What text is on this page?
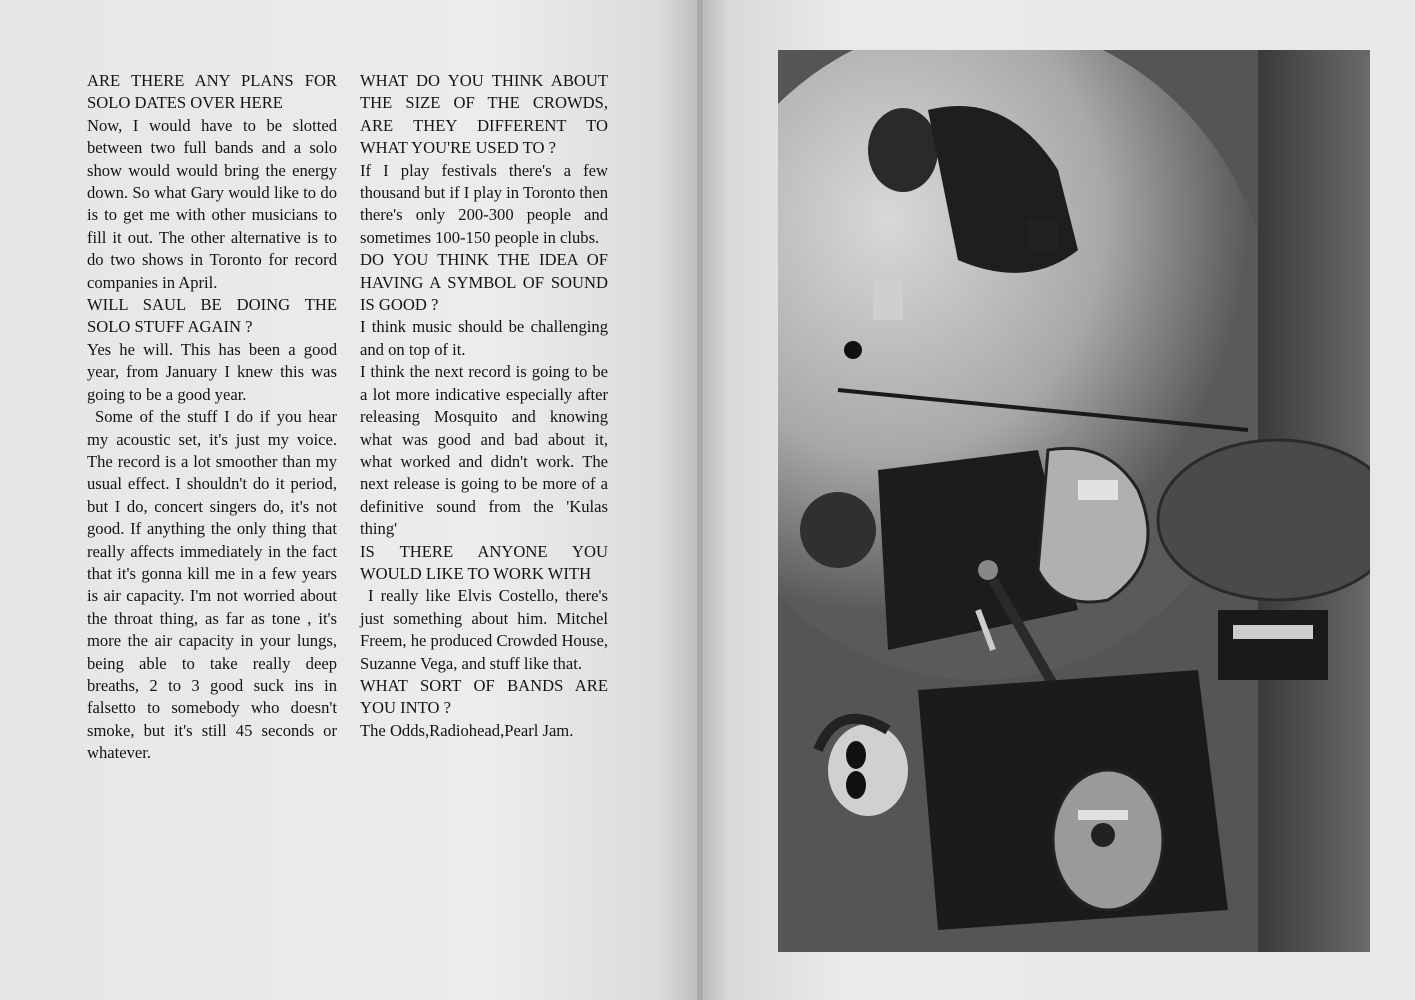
ARE THERE ANY PLANS FOR SOLO DATES OVER HERE

Now, I would have to be slotted between two full bands and a solo show would would bring the energy down. So what Gary would like to do is to get me with other musicians to fill it out. The other alternative is to do two shows in Toronto for record companies in April.

WILL SAUL BE DOING THE SOLO STUFF AGAIN ?

Yes he will. This has been a good year, from January I knew this was going to be a good year.

Some of the stuff I do if you hear my acoustic set, it's just my voice. The record is a lot smoother than my usual effect. I shouldn't do it period, but I do, concert singers do, it's not good. If anything the only thing that really affects immediately in the fact that it's gonna kill me in a few years is air capacity. I'm not worried about the throat thing, as far as tone , it's more the air capacity in your lungs, being able to take really deep breaths, 2 to 3 good suck ins in falsetto to somebody who doesn't smoke, but it's still 45 seconds or whatever.

WHAT DO YOU THINK ABOUT THE SIZE OF THE CROWDS, ARE THEY DIFFERENT TO WHAT YOU'RE USED TO ?

If I play festivals there's a few thousand but if I play in Toronto then there's only 200-300 people and sometimes 100-150 people in clubs.

DO YOU THINK THE IDEA OF HAVING A SYMBOL OF SOUND IS GOOD ?

I think music should be challenging and on top of it.

I think the next record is going to be a lot more indicative especially after releasing Mosquito and knowing what was good and bad about it, what worked and didn't work. The next release is going to be more of a definitive sound from the 'Kulas thing'

IS THERE ANYONE YOU WOULD LIKE TO WORK WITH

I really like Elvis Costello, there's just something about him. Mitchel Freem, he produced Crowded House, Suzanne Vega, and stuff like that.

WHAT SORT OF BANDS ARE YOU INTO ?

The Odds,Radiohead,Pearl Jam.
